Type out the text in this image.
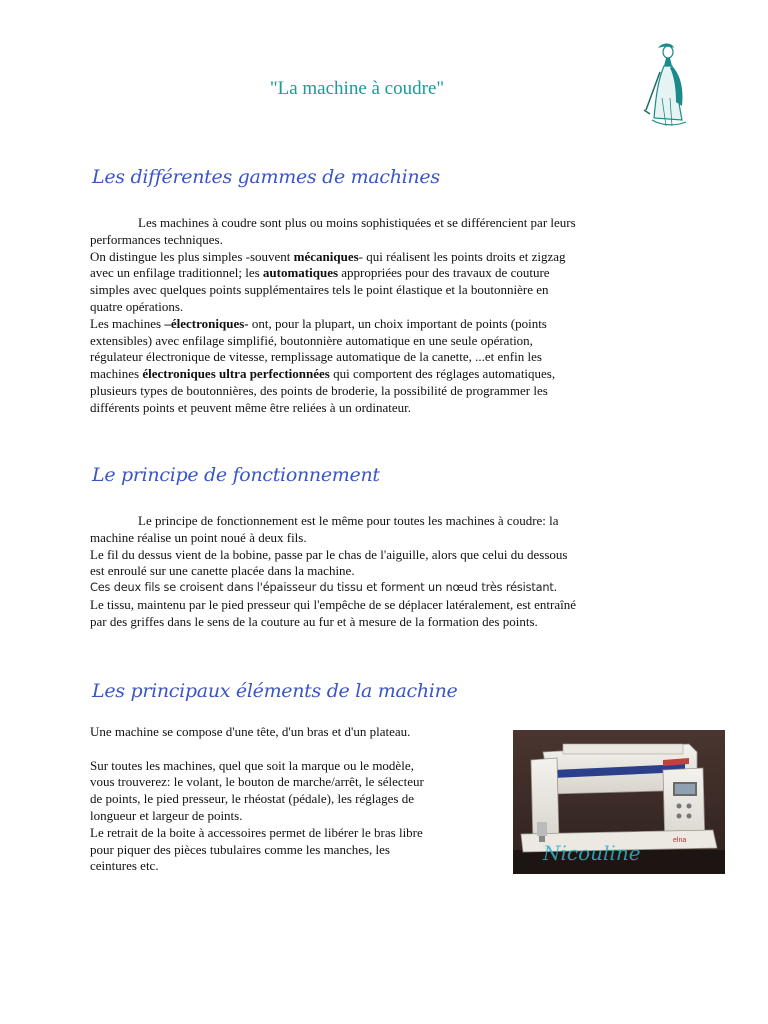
"La machine à coudre"
Les différentes gammes de machines
Les machines à coudre sont plus ou moins sophistiquées et se différencient par leurs
performances techniques.
On distingue les plus simples -souvent mécaniques- qui réalisent les points droits et zigzag
avec un enfilage traditionnel; les automatiques appropriées pour des travaux de couture
simples avec quelques points supplémentaires tels le point élastique et la boutonnière en
quatre opérations.
Les machines –électroniques- ont, pour la plupart, un choix important de points (points
extensibles) avec enfilage simplifié, boutonnière automatique en une seule opération,
régulateur électronique de vitesse, remplissage automatique de la canette, ...et enfin les
machines électroniques ultra perfectionnées qui comportent des réglages automatiques,
plusieurs types de boutonnières, des points de broderie, la possibilité de programmer les
différents points et peuvent même être reliées à un ordinateur.
Le principe de fonctionnement
Le principe de fonctionnement est le même pour toutes les machines à coudre: la
machine réalise un point noué à deux fils.
Le fil du dessus vient de la bobine, passe par le chas de l'aiguille, alors que celui du dessous
est enroulé sur une canette placée dans la machine.
Ces deux fils se croisent dans l'épaisseur du tissu et forment un nœud très résistant.
Le tissu, maintenu par le pied presseur qui l'empêche de se déplacer latéralement, est entraîné
par des griffes dans le sens de la couture au fur et à mesure de la formation des points.
Les principaux éléments de la machine
Une machine se compose d'une tête, d'un bras et d'un plateau.
Sur toutes les machines, quel que soit la marque ou le modèle,
vous trouverez: le volant, le bouton de marche/arrêt, le sélecteur
de points, le pied presseur, le rhéostat (pédale), les réglages de
longueur et largeur de points.
Le retrait de la boite à accessoires permet de libérer le bras libre
pour piquer des pièces tubulaires comme les manches, les
ceintures etc.
elna
Nicouline
